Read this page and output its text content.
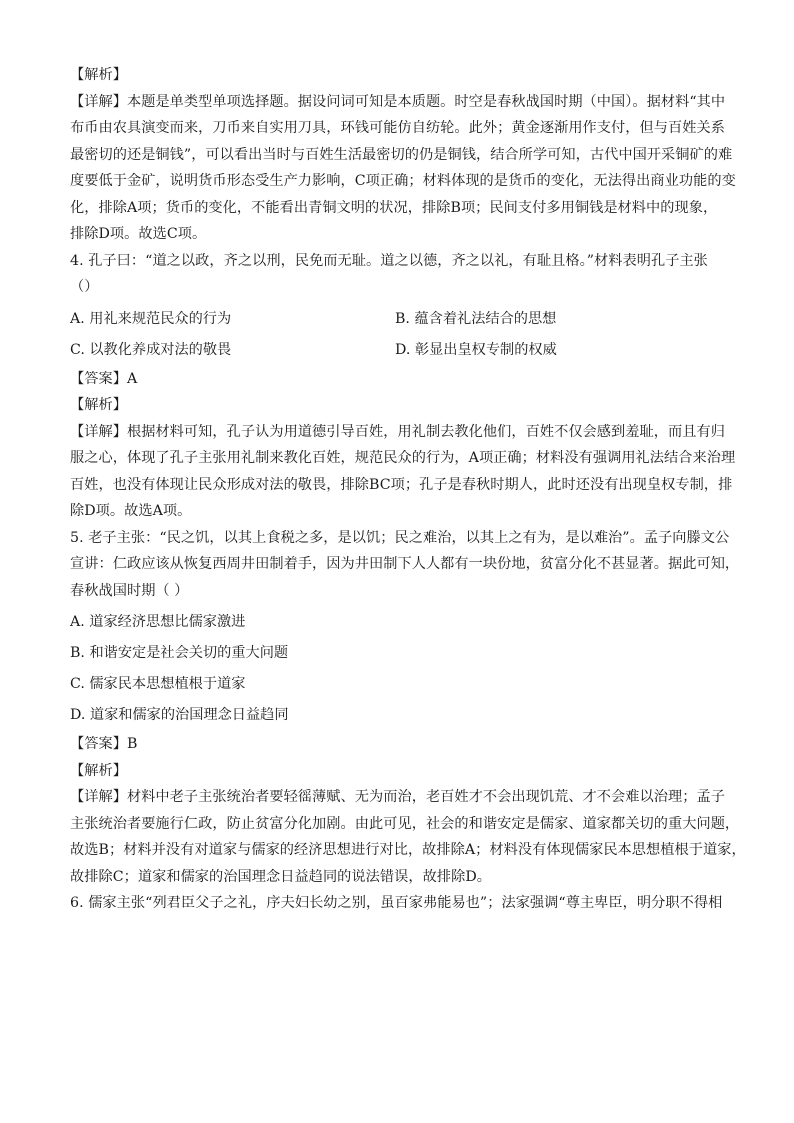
【解析】
【详解】本题是单类型单项选择题。据设问词可知是本质题。时空是春秋战国时期（中国）。据材料“其中
布币由农具演变而来，刀币来自实用刀具，环钱可能仿自纺轮。此外；黄金逐渐用作支付，但与百姓关系
最密切的还是铜钱”，可以看出当时与百姓生活最密切的仍是铜钱，结合所学可知，古代中国开采铜矿的难
度要低于金矿，说明货币形态受生产力影响，C项正确；材料体现的是货币的变化，无法得出商业功能的变
化，排除A项；货币的变化，不能看出青铜文明的状况，排除B项；民间支付多用铜钱是材料中的现象，
排除D项。故选C项。
4. 孔子曰：“道之以政，齐之以刑，民免而无耻。道之以德，齐之以礼，有耻且格。”材料表明孔子主张
（）
A. 用礼来规范民众的行为	B. 蕴含着礼法结合的思想
C. 以教化养成对法的敬畏	D. 彰显出皇权专制的权威
【答案】A
【解析】
【详解】根据材料可知，孔子认为用道德引导百姓，用礼制去教化他们，百姓不仅会感到羞耻，而且有归
服之心，体现了孔子主张用礼制来教化百姓，规范民众的行为，A项正确；材料没有强调用礼法结合来治理
百姓，也没有体现让民众形成对法的敬畏，排除BC项；孔子是春秋时期人，此时还没有出现皇权专制，排
除D项。故选A项。
5. 老子主张：“民之饥，以其上食税之多，是以饥；民之难治，以其上之有为，是以难治”。孟子向滕文公
宣讲：仁政应该从恢复西周井田制着手，因为井田制下人人都有一块份地，贫富分化不甚显著。据此可知，
春秋战国时期（ ）
A. 道家经济思想比儒家激进
B. 和谐安定是社会关切的重大问题
C. 儒家民本思想植根于道家
D. 道家和儒家的治国理念日益趋同
【答案】B
【解析】
【详解】材料中老子主张统治者要轻徭薄赋、无为而治，老百姓才不会出现饥荒、才不会难以治理；孟子
主张统治者要施行仁政，防止贫富分化加剧。由此可见，社会的和谐安定是儒家、道家都关切的重大问题，
故选B；材料并没有对道家与儒家的经济思想进行对比，故排除A；材料没有体现儒家民本思想植根于道家，
故排除C；道家和儒家的治国理念日益趋同的说法错误，故排除D。
6. 儒家主张“列君臣父子之礼，序夫妇长幼之别，虽百家弗能易也”；法家强调“尊主卑臣，明分职不得相
